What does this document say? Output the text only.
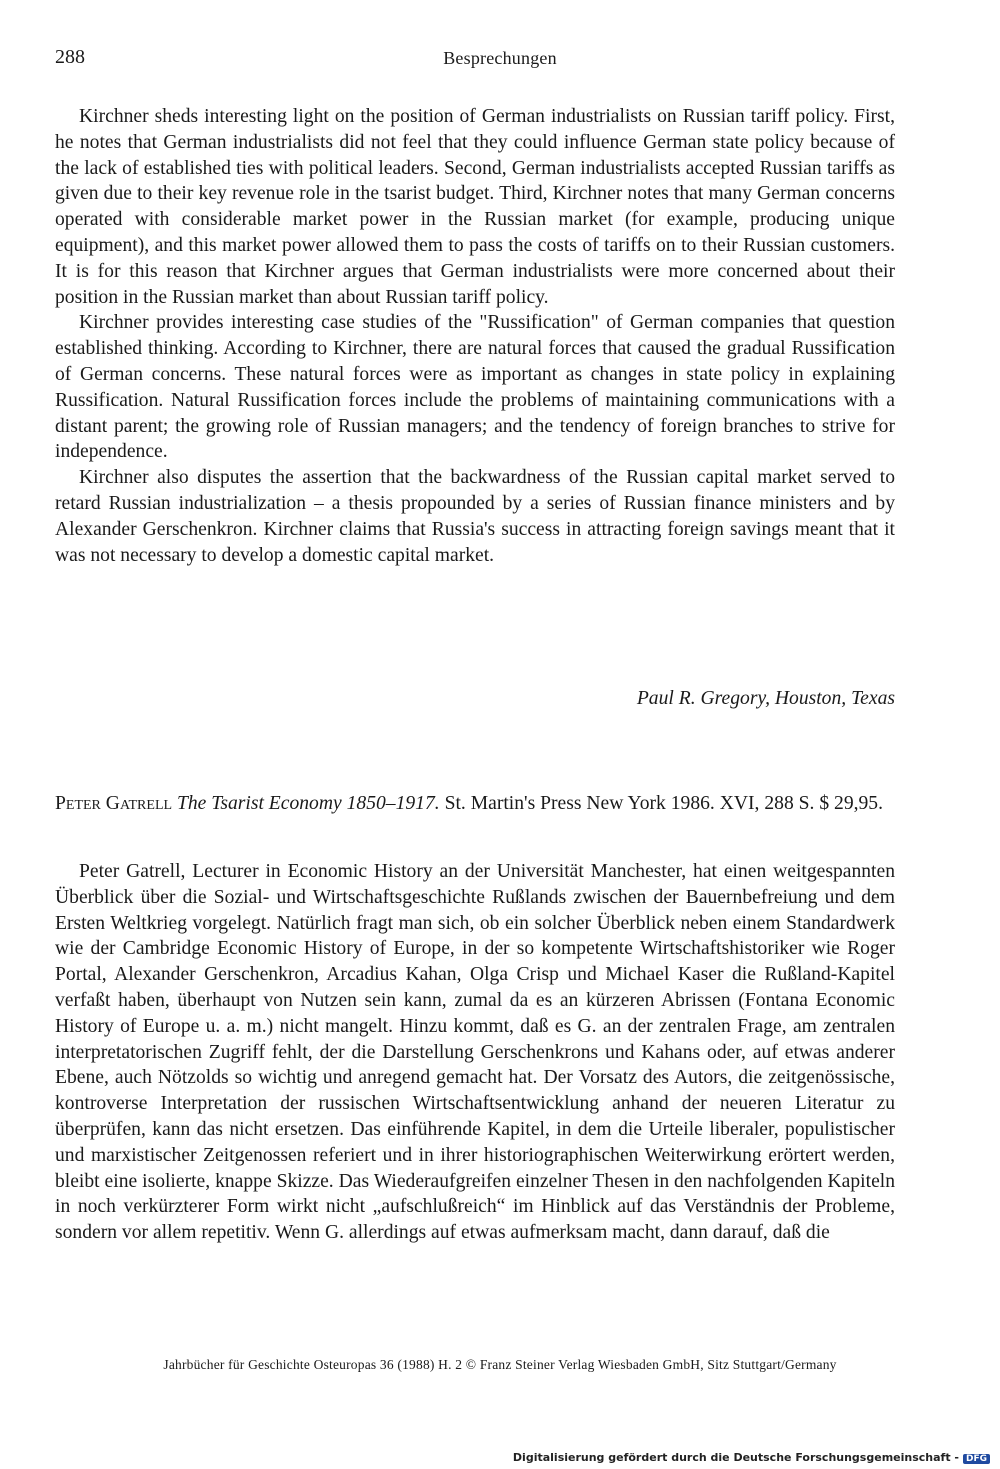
288	Besprechungen

Kirchner sheds interesting light on the position of German industrialists on Russian tariff policy. First, he notes that German industrialists did not feel that they could influence German state policy because of the lack of established ties with political leaders. Second, German industrialists accepted Russian tariffs as given due to their key revenue role in the tsarist budget. Third, Kirchner notes that many German concerns operated with considerable market power in the Russian market (for example, producing unique equipment), and this market power allowed them to pass the costs of tariffs on to their Russian customers. It is for this reason that Kirchner argues that German industrialists were more concerned about their position in the Russian market than about Russian tariff policy.

Kirchner provides interesting case studies of the "Russification" of German companies that question established thinking. According to Kirchner, there are natural forces that caused the gradual Russification of German concerns. These natural forces were as important as changes in state policy in explaining Russification. Natural Russification forces include the problems of maintaining communications with a distant parent; the growing role of Russian managers; and the tendency of foreign branches to strive for independence.

Kirchner also disputes the assertion that the backwardness of the Russian capital market served to retard Russian industrialization – a thesis propounded by a series of Russian finance ministers and by Alexander Gerschenkron. Kirchner claims that Russia's success in attracting foreign savings meant that it was not necessary to develop a domestic capital market.

Paul R. Gregory, Houston, Texas
Peter Gatrell The Tsarist Economy 1850–1917. St. Martin's Press New York 1986. XVI, 288 S. $ 29,95.

Peter Gatrell, Lecturer in Economic History an der Universität Manchester, hat einen weitgespannten Überblick über die Sozial- und Wirtschaftsgeschichte Rußlands zwischen der Bauernbefreiung und dem Ersten Weltkrieg vorgelegt. Natürlich fragt man sich, ob ein solcher Überblick neben einem Standardwerk wie der Cambridge Economic History of Europe, in der so kompetente Wirtschaftshistoriker wie Roger Portal, Alexander Gerschenkron, Arcadius Kahan, Olga Crisp und Michael Kaser die Rußland-Kapitel verfaßt haben, überhaupt von Nutzen sein kann, zumal da es an kürzeren Abrissen (Fontana Economic History of Europe u. a. m.) nicht mangelt. Hinzu kommt, daß es G. an der zentralen Frage, am zentralen interpretatorischen Zugriff fehlt, der die Darstellung Gerschenkrons und Kahans oder, auf etwas anderer Ebene, auch Nötzolds so wichtig und anregend gemacht hat. Der Vorsatz des Autors, die zeitgenössische, kontroverse Interpretation der russischen Wirtschaftsentwicklung anhand der neueren Literatur zu überprüfen, kann das nicht ersetzen. Das einführende Kapitel, in dem die Urteile liberaler, populistischer und marxistischer Zeitgenossen referiert und in ihrer historiographischen Weiterwirkung erörtert werden, bleibt eine isolierte, knappe Skizze. Das Wiederaufgreifen einzelner Thesen in den nachfolgenden Kapiteln in noch verkürzterer Form wirkt nicht „aufschlußreich“ im Hinblick auf das Verständnis der Probleme, sondern vor allem repetitiv. Wenn G. allerdings auf etwas aufmerksam macht, dann darauf, daß die

Jahrbücher für Geschichte Osteuropas 36 (1988) H. 2 © Franz Steiner Verlag Wiesbaden GmbH, Sitz Stuttgart/Germany
Digitalisierung gefördert durch die Deutsche Forschungsgemeinschaft - DFG
